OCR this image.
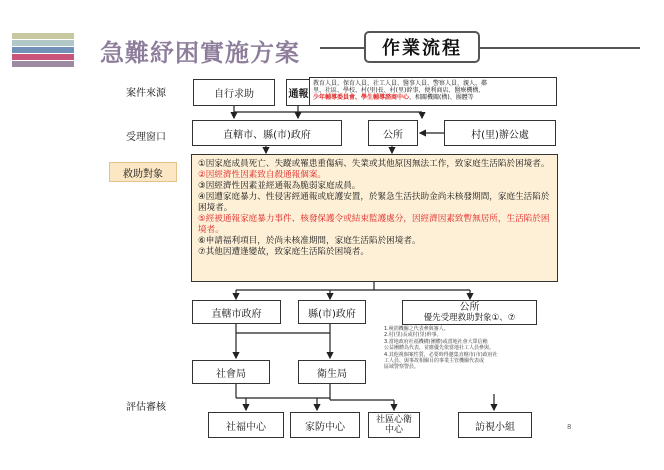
急難紓困實施方案	作業流程
案件來源
受理窗口
救助對象
評估審核
自行求助	通報
教育人員、保育人員、社工人員、醫事人員、警察人員、親人、鄰
里、社區、學校、村(里)長、村(里)幹事、便利商店、醫療機構、
少年輔導委員會、學生輔導諮商中心、相關機關(構)、團體等
直轄市、縣(市)政府	公所	村(里)辦公處
①因家庭成員死亡、失蹤或罹患重傷病、失業或其他原因無法工作，致家庭生活陷於困境者。
②因經濟性因素致自殺通報個案。
③因經濟性因素並經通報為脆弱家庭成員。
④因遭家庭暴力、性侵害經通報或庇護安置，於緊急生活扶助金尚未核發期間，家庭生活陷於困境者。
⑤經被通報家庭暴力事件、核發保護令或結束監護處分，因經濟因素致暫無居所，生活陷於困境者。
⑥申請福利項目，於尚未核准期間，家庭生活陷於困境者。
⑦其他因遭逢變故，致家庭生活陷於困境者。
直轄市政府	縣(市)政府
公所
優先受理救助對象①、⑦
1.稅捐機關之代表參與審人。
2.村(里)長或村(里)幹事。
3.當地政府社福機構(團體)或當地社會大眾信賴
公益團體為代表，並應優先依當地社工人員參與。
4.其他視個案性質，必要時得邀集直轄市(市)政府社
工人員、與事故相關目的事業主管機關代表或
區域警察警員。
社會局	衛生局
社福中心	家防中心
社區心衛中心	訪視小組	8
